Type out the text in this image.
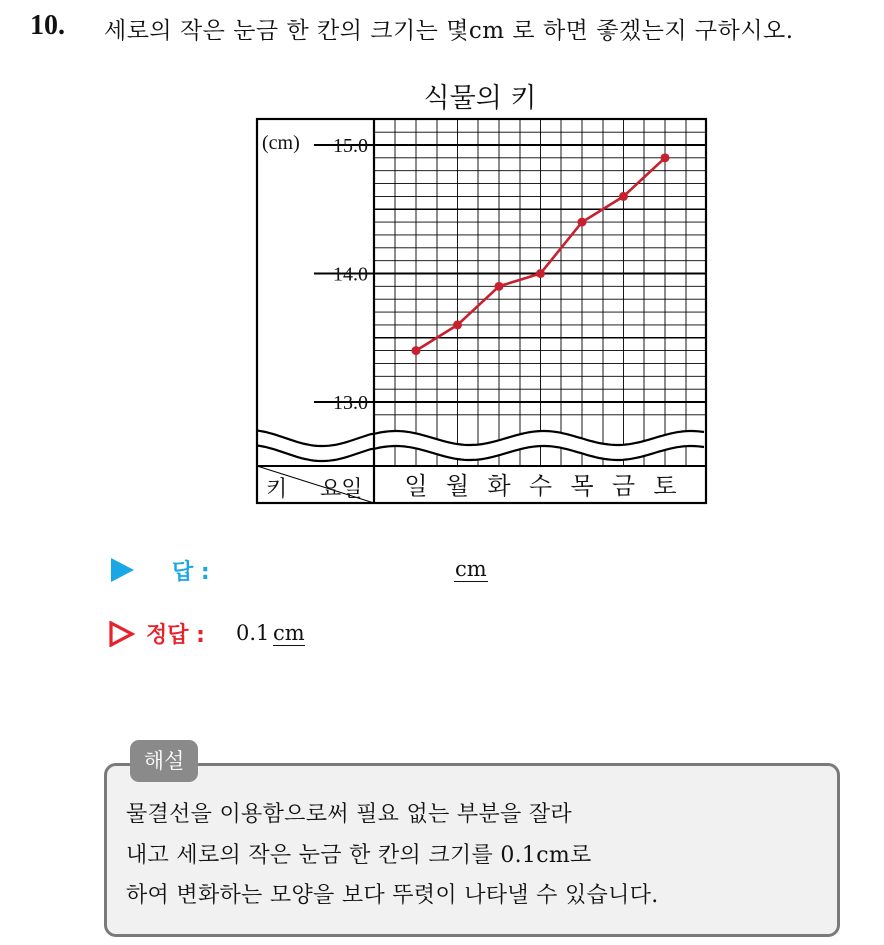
10. 세로의 작은 눈금 한 칸의 크기는 몇cm 로 하면 좋겠는지 구하시오.
식물의 키
15.0
14.0
13.0
(cm)
키 요일 일 월 화 수 목 금 토
답 :	cm
정답 : 0.1 cm
해설
물결선을 이용함으로써 필요 없는 부분을 잘라
내고 세로의 작은 눈금 한 칸의 크기를 0.1cm로
하여 변화하는 모양을 보다 뚜렷이 나타낼 수 있습니다.
